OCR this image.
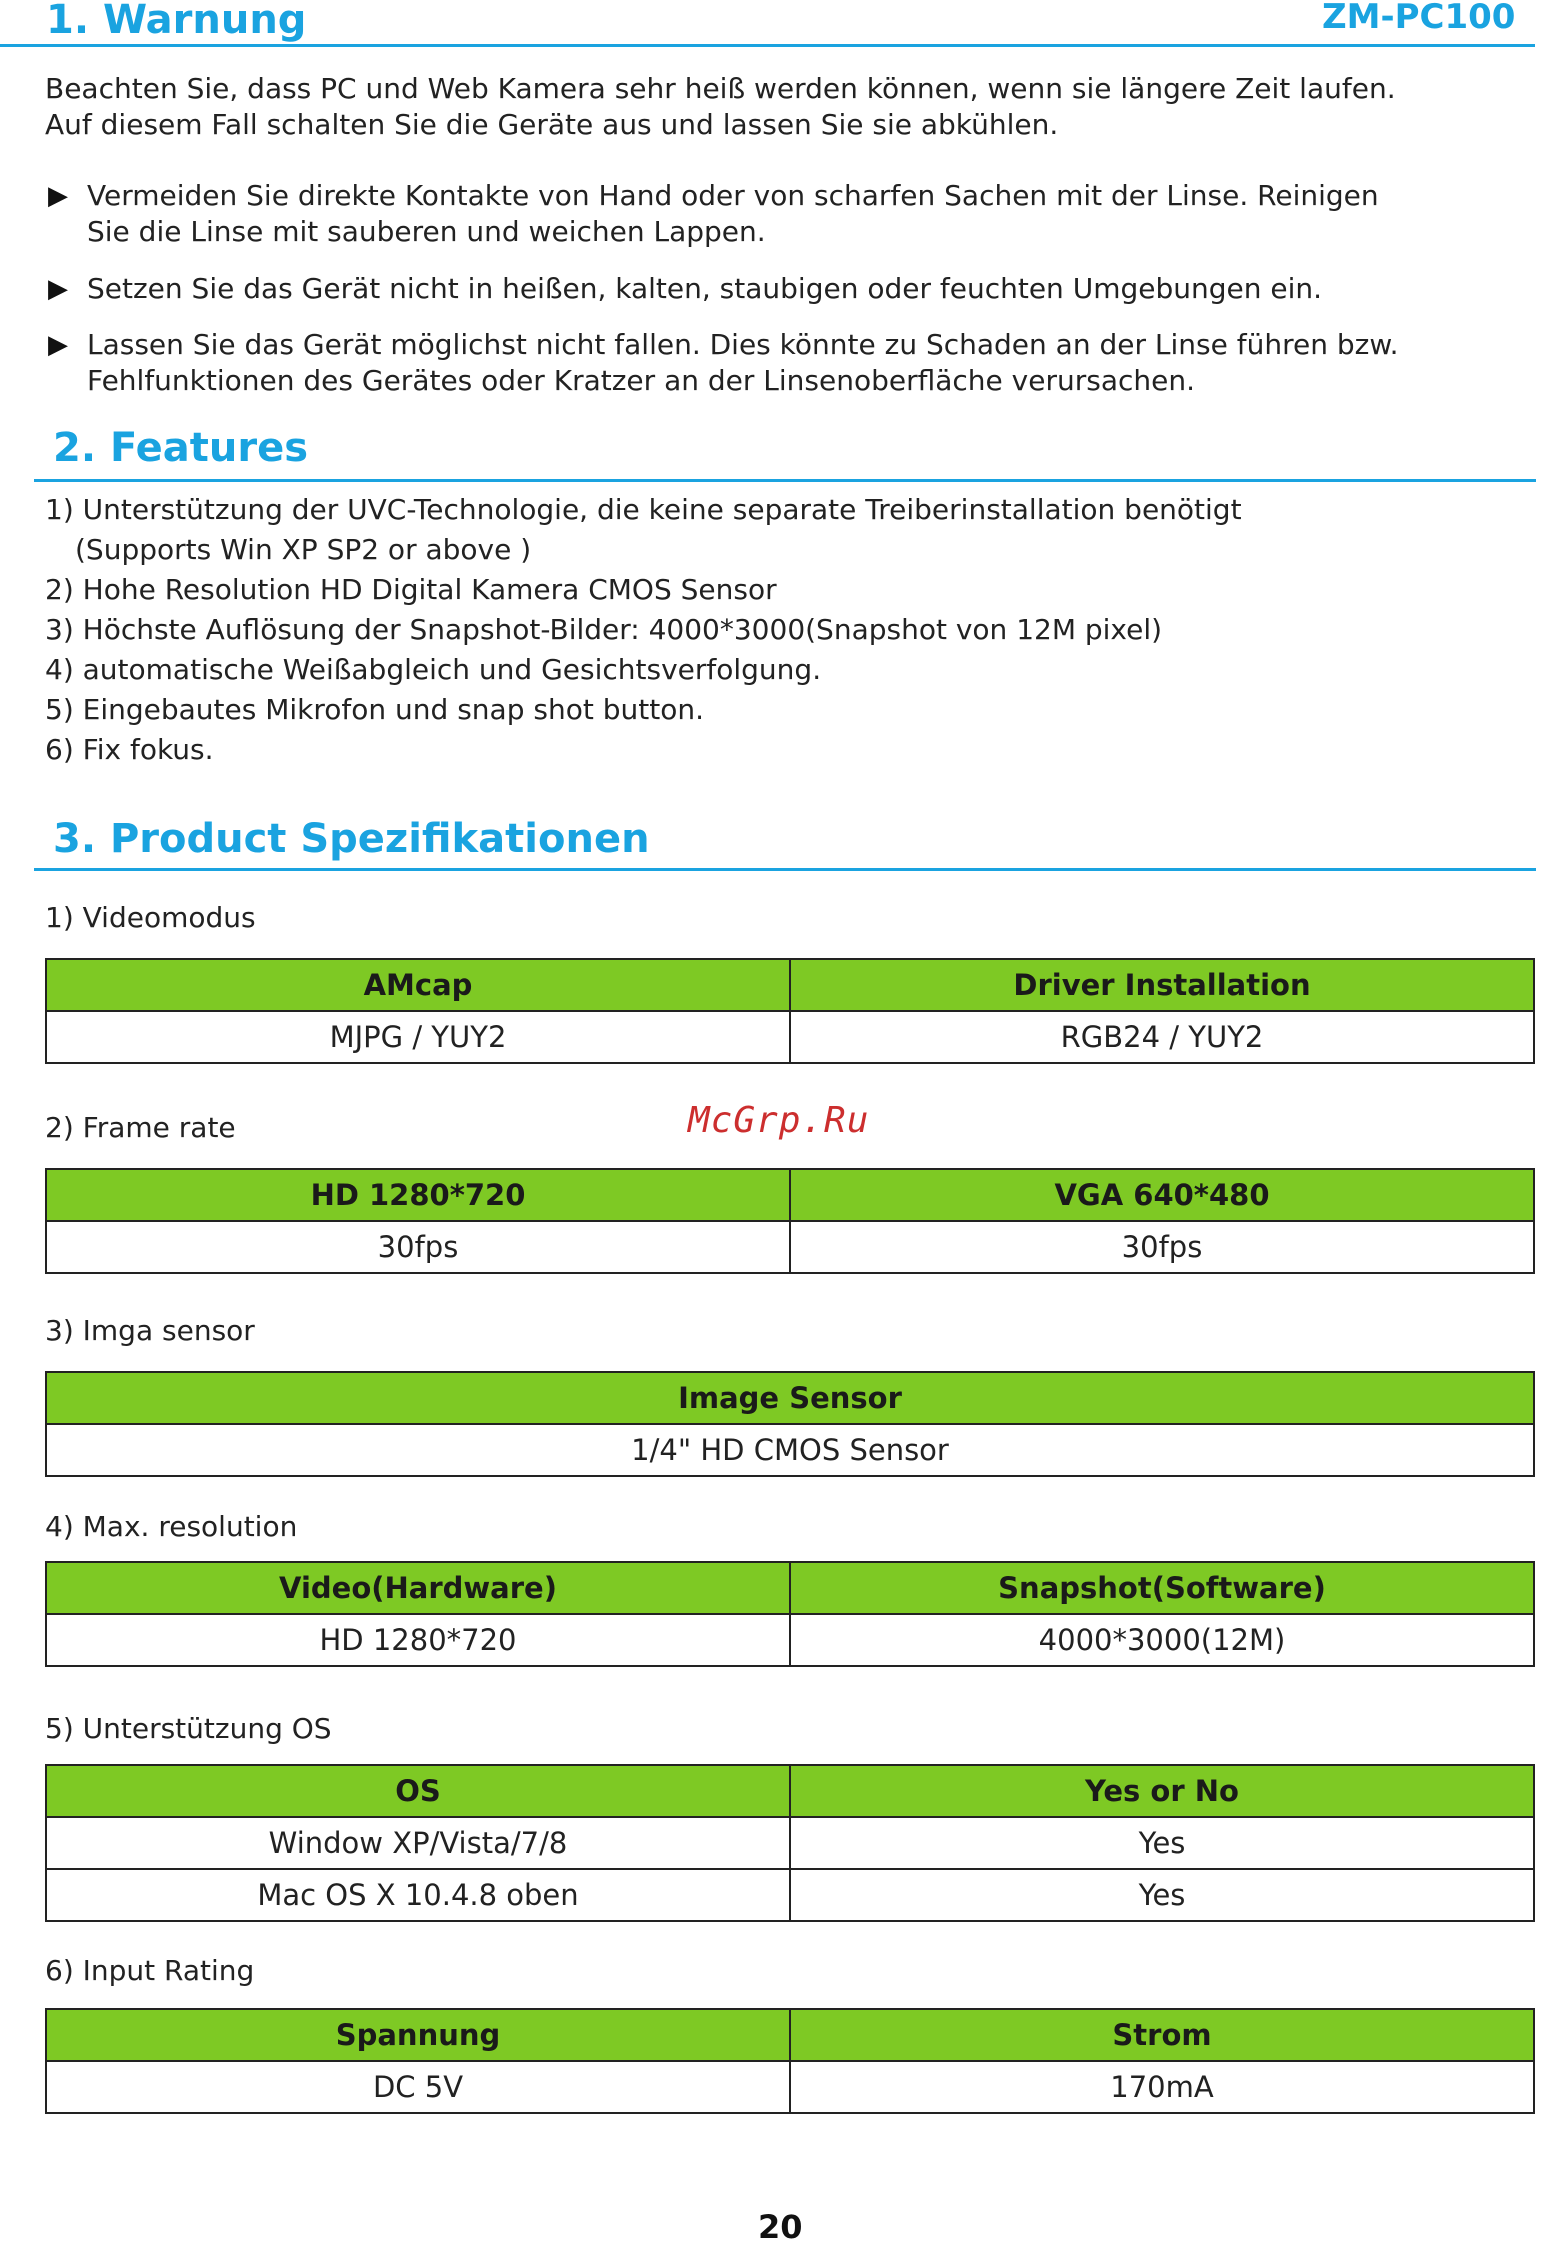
1. Warnung	ZM-PC100
Beachten Sie, dass PC und Web Kamera sehr heiß werden können, wenn sie längere Zeit laufen.
Auf diesem Fall schalten Sie die Geräte aus und lassen Sie sie abkühlen.
▶ Vermeiden Sie direkte Kontakte von Hand oder von scharfen Sachen mit der Linse. Reinigen
Sie die Linse mit sauberen und weichen Lappen.
▶ Setzen Sie das Gerät nicht in heißen, kalten, staubigen oder feuchten Umgebungen ein.
▶ Lassen Sie das Gerät möglichst nicht fallen. Dies könnte zu Schaden an der Linse führen bzw.
Fehlfunktionen des Gerätes oder Kratzer an der Linsenoberfläche verursachen.
2. Features
1) Unterstützung der UVC-Technologie, die keine separate Treiberinstallation benötigt
(Supports Win XP SP2 or above )
2) Hohe Resolution HD Digital Kamera CMOS Sensor
3) Höchste Auflösung der Snapshot-Bilder: 4000*3000(Snapshot von 12M pixel)
4) automatische Weißabgleich und Gesichtsverfolgung.
5) Eingebautes Mikrofon und snap shot button.
6) Fix fokus.
3. Product Spezifikationen
1) Videomodus
AMcap	Driver Installation
MJPG / YUY2	RGB24 / YUY2
2) Frame rate	McGrp.Ru
HD 1280*720	VGA 640*480
30fps	30fps
3) Imga sensor
Image Sensor
1/4" HD CMOS Sensor
4) Max. resolution
Video(Hardware)	Snapshot(Software)
HD 1280*720	4000*3000(12M)
5) Unterstützung OS
OS	Yes or No
Window XP/Vista/7/8	Yes
Mac OS X 10.4.8 oben	Yes
6) Input Rating
Spannung	Strom
DC 5V	170mA
20
